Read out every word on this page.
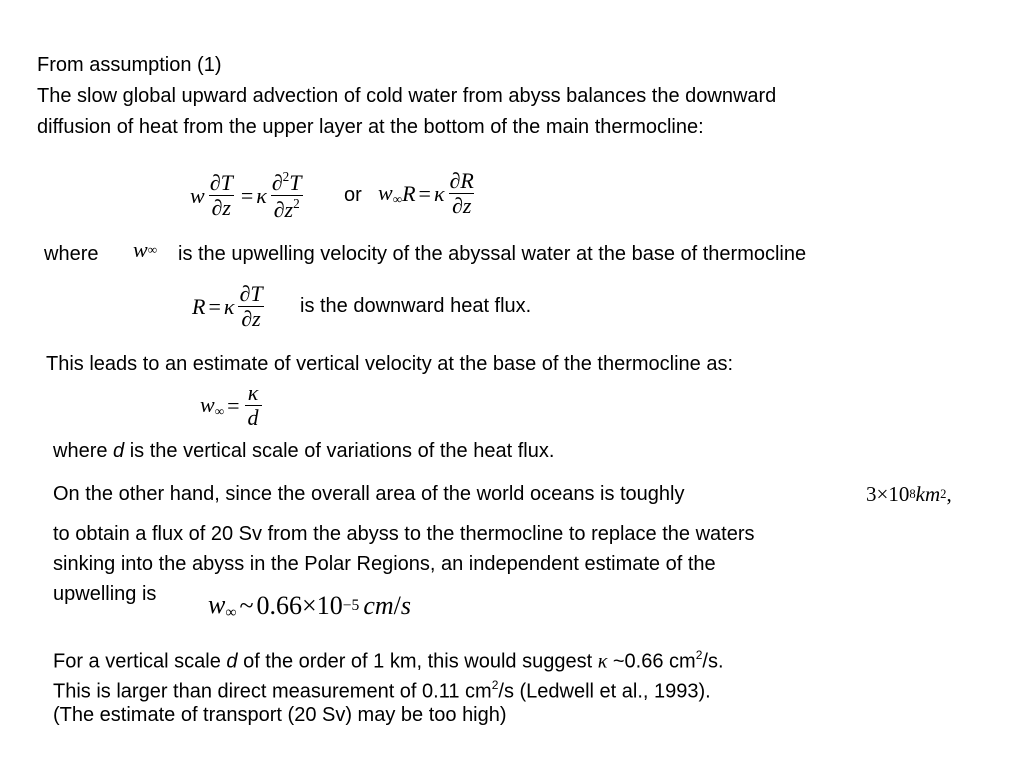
From assumption (1)
The slow global upward advection of cold water from abyss balances the downward
diffusion of heat from the upper layer at the bottom of the main thermocline:
w $\frac{\partial T}{\partial z} = \kappa \frac{\partial^2T}{\partial z^2}$ or $w_\infty$ R = κ $\frac{\partial R}{\partial z}$
where w ∞ is the upwelling velocity of the abyssal water at the base of thermocline
R = κ $\frac{\partial T}{\partial z}$ is the downward heat flux.
This leads to an estimate of vertical velocity at the base of the thermocline as:
$w_\infty = \frac{\kappa}{d}$
where d is the vertical scale of variations of the heat flux.
On the other hand, since the overall area of the world oceans is toughly	3 × 10 8 km 2 ,
to obtain a flux of 20 Sv from the abyss to the thermocline to replace the waters
sinking into the abyss in the Polar Regions, an independent estimate of the
upwelling is $w_\infty$ ~ 0.66 × 10 −5 cm / s
For a vertical scale d of the order of 1 km, this would suggest κ ~0.66 $cm^2/s$.
This is larger than direct measurement of 0.11 $cm^2/s$ (Ledwell et al., 1993).
(The estimate of transport (20 Sv) may be too high)
